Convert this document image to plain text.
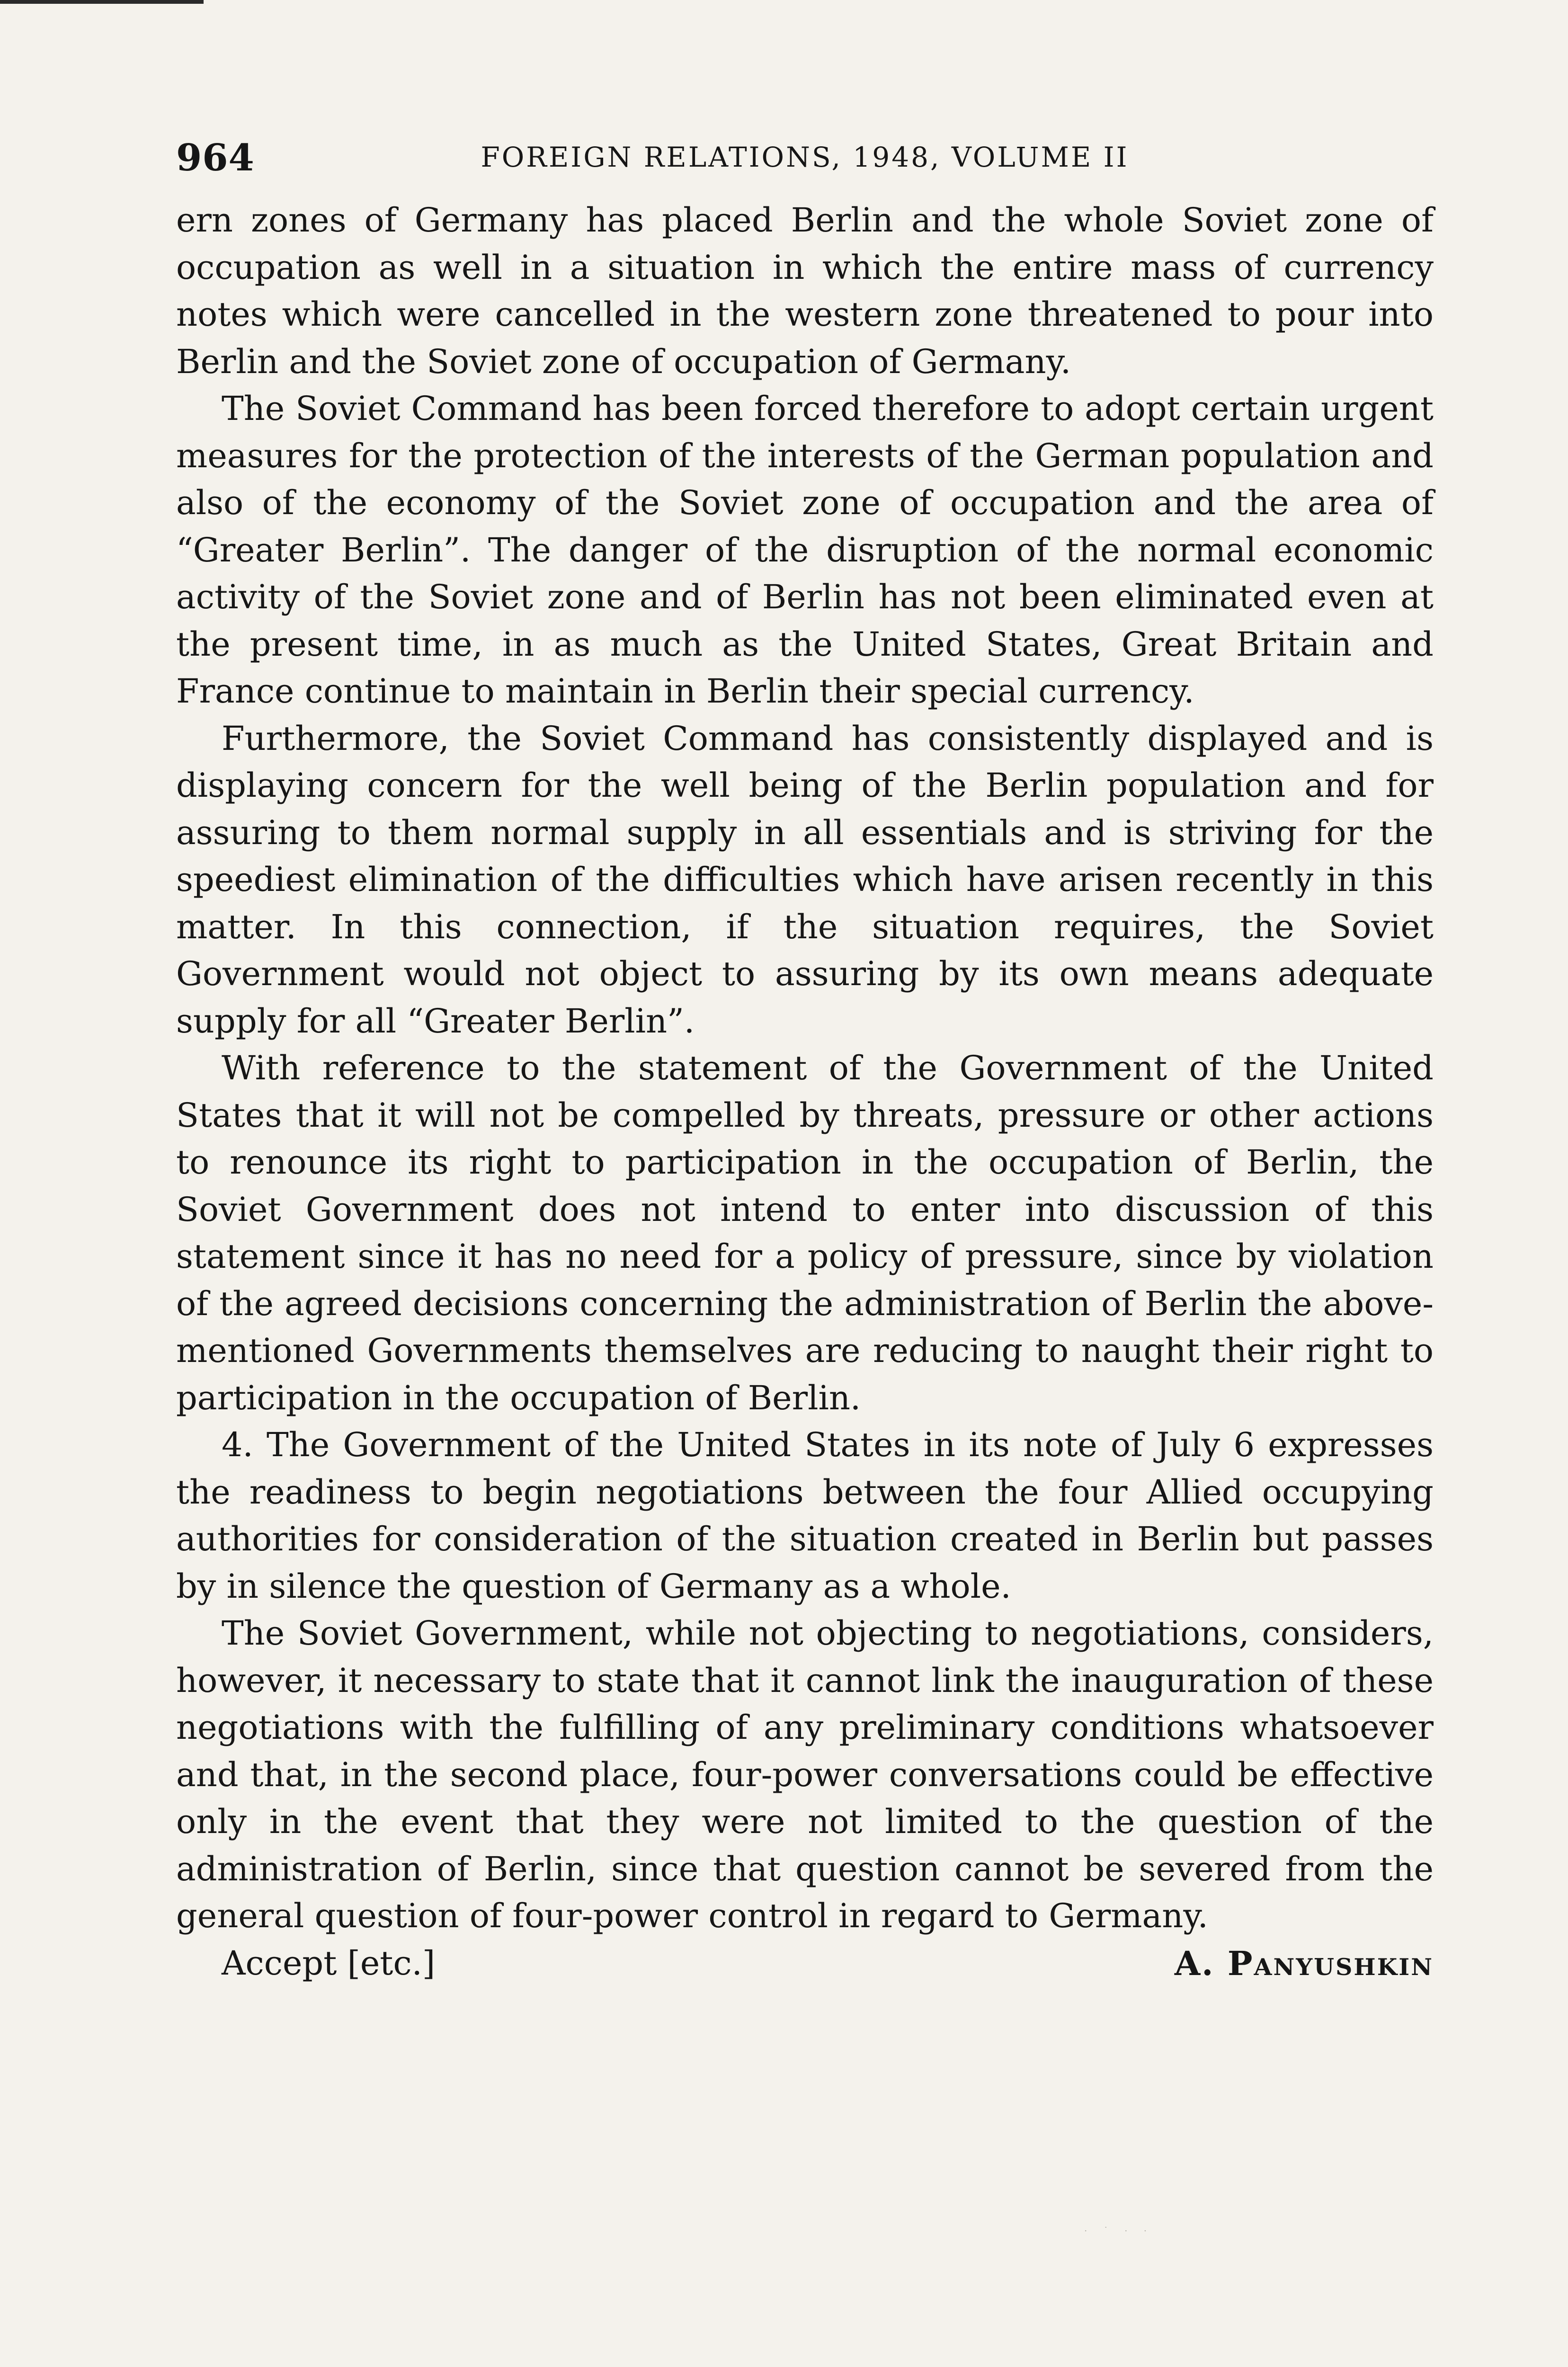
964	FOREIGN RELATIONS, 1948, VOLUME II

ern zones of Germany has placed Berlin and the whole Soviet zone of occupation as well in a situation in which the entire mass of currency notes which were cancelled in the western zone threatened to pour into Berlin and the Soviet zone of occupation of Germany.

The Soviet Command has been forced therefore to adopt certain urgent measures for the protection of the interests of the German population and also of the economy of the Soviet zone of occupation and the area of “Greater Berlin”. The danger of the disruption of the normal economic activity of the Soviet zone and of Berlin has not been eliminated even at the present time, in as much as the United States, Great Britain and France continue to maintain in Berlin their special currency.

Furthermore, the Soviet Command has consistently displayed and is displaying concern for the well being of the Berlin population and for assuring to them normal supply in all essentials and is striving for the speediest elimination of the difficulties which have arisen recently in this matter. In this connection, if the situation requires, the Soviet Government would not object to assuring by its own means adequate supply for all “Greater Berlin”.

With reference to the statement of the Government of the United States that it will not be compelled by threats, pressure or other actions to renounce its right to participation in the occupation of Berlin, the Soviet Government does not intend to enter into discussion of this statement since it has no need for a policy of pressure, since by violation of the agreed decisions concerning the administration of Berlin the above-mentioned Governments themselves are reducing to naught their right to participation in the occupation of Berlin.

4. The Government of the United States in its note of July 6 expresses the readiness to begin negotiations between the four Allied occupying authorities for consideration of the situation created in Berlin but passes by in silence the question of Germany as a whole.

The Soviet Government, while not objecting to negotiations, considers, however, it necessary to state that it cannot link the inauguration of these negotiations with the fulfilling of any preliminary conditions whatsoever and that, in the second place, four-power conversations could be effective only in the event that they were not limited to the question of the administration of Berlin, since that question cannot be severed from the general question of four-power control in regard to Germany.

Accept [etc.]	A. Panyushkin
· ˙ · ·
